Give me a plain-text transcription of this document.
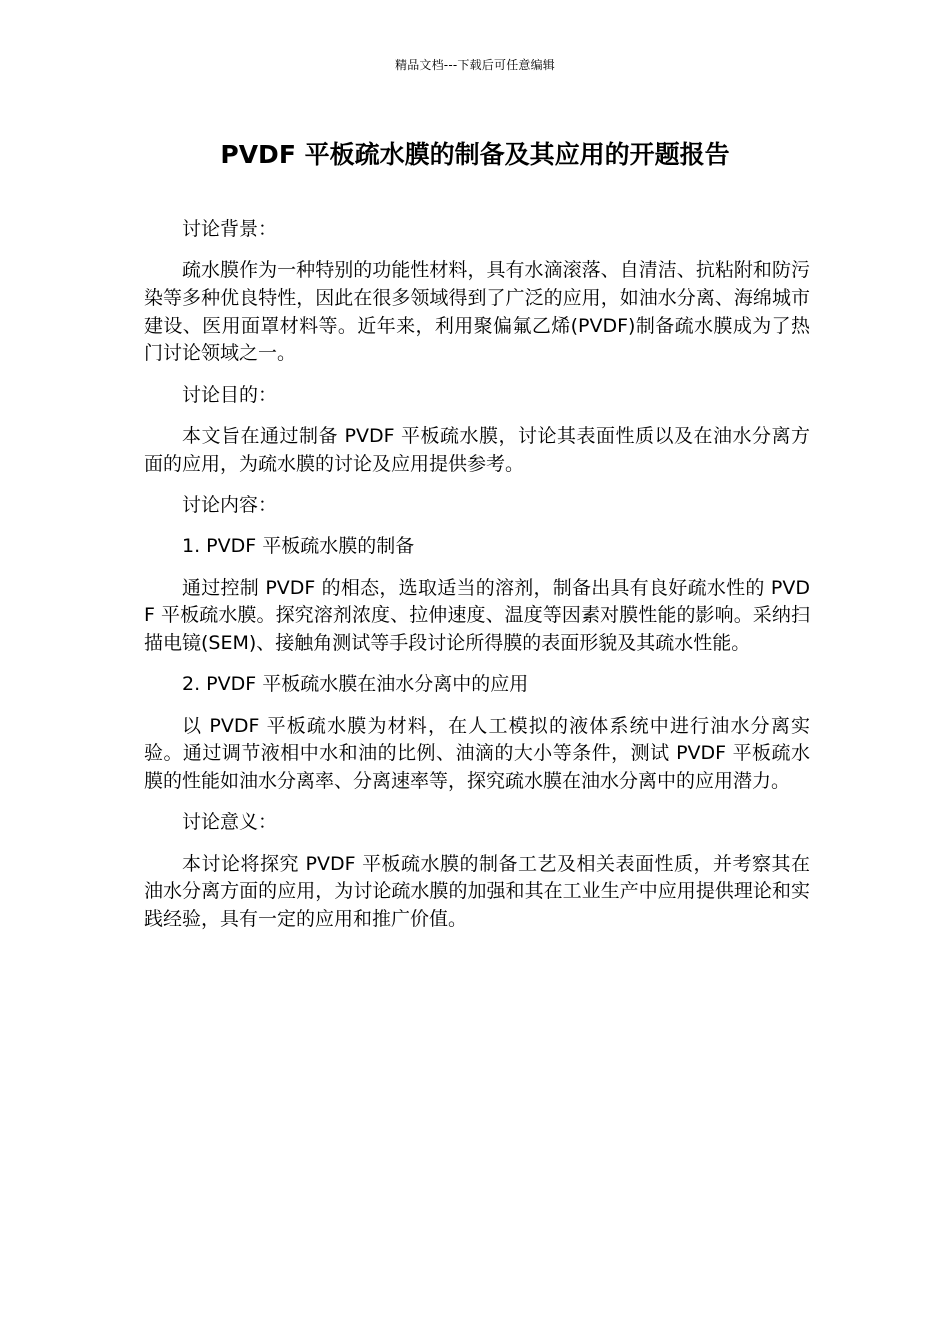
精品文档---下载后可任意编辑
PVDF 平板疏水膜的制备及其应用的开题报告

讨论背景：

疏水膜作为一种特别的功能性材料，具有水滴滚落、自清洁、抗粘附和防污染等多种优良特性，因此在很多领域得到了广泛的应用，如油水分离、海绵城市建设、医用面罩材料等。近年来，利用聚偏氟乙烯(PVDF)制备疏水膜成为了热门讨论领域之一。

讨论目的：

本文旨在通过制备 PVDF 平板疏水膜，讨论其表面性质以及在油水分离方面的应用，为疏水膜的讨论及应用提供参考。

讨论内容：

1. PVDF 平板疏水膜的制备

通过控制 PVDF 的相态，选取适当的溶剂，制备出具有良好疏水性的 PVDF 平板疏水膜。探究溶剂浓度、拉伸速度、温度等因素对膜性能的影响。采纳扫描电镜(SEM)、接触角测试等手段讨论所得膜的表面形貌及其疏水性能。

2. PVDF 平板疏水膜在油水分离中的应用

以 PVDF 平板疏水膜为材料，在人工模拟的液体系统中进行油水分离实验。通过调节液相中水和油的比例、油滴的大小等条件，测试 PVDF 平板疏水膜的性能如油水分离率、分离速率等，探究疏水膜在油水分离中的应用潜力。

讨论意义：

本讨论将探究 PVDF 平板疏水膜的制备工艺及相关表面性质，并考察其在油水分离方面的应用，为讨论疏水膜的加强和其在工业生产中应用提供理论和实践经验，具有一定的应用和推广价值。
